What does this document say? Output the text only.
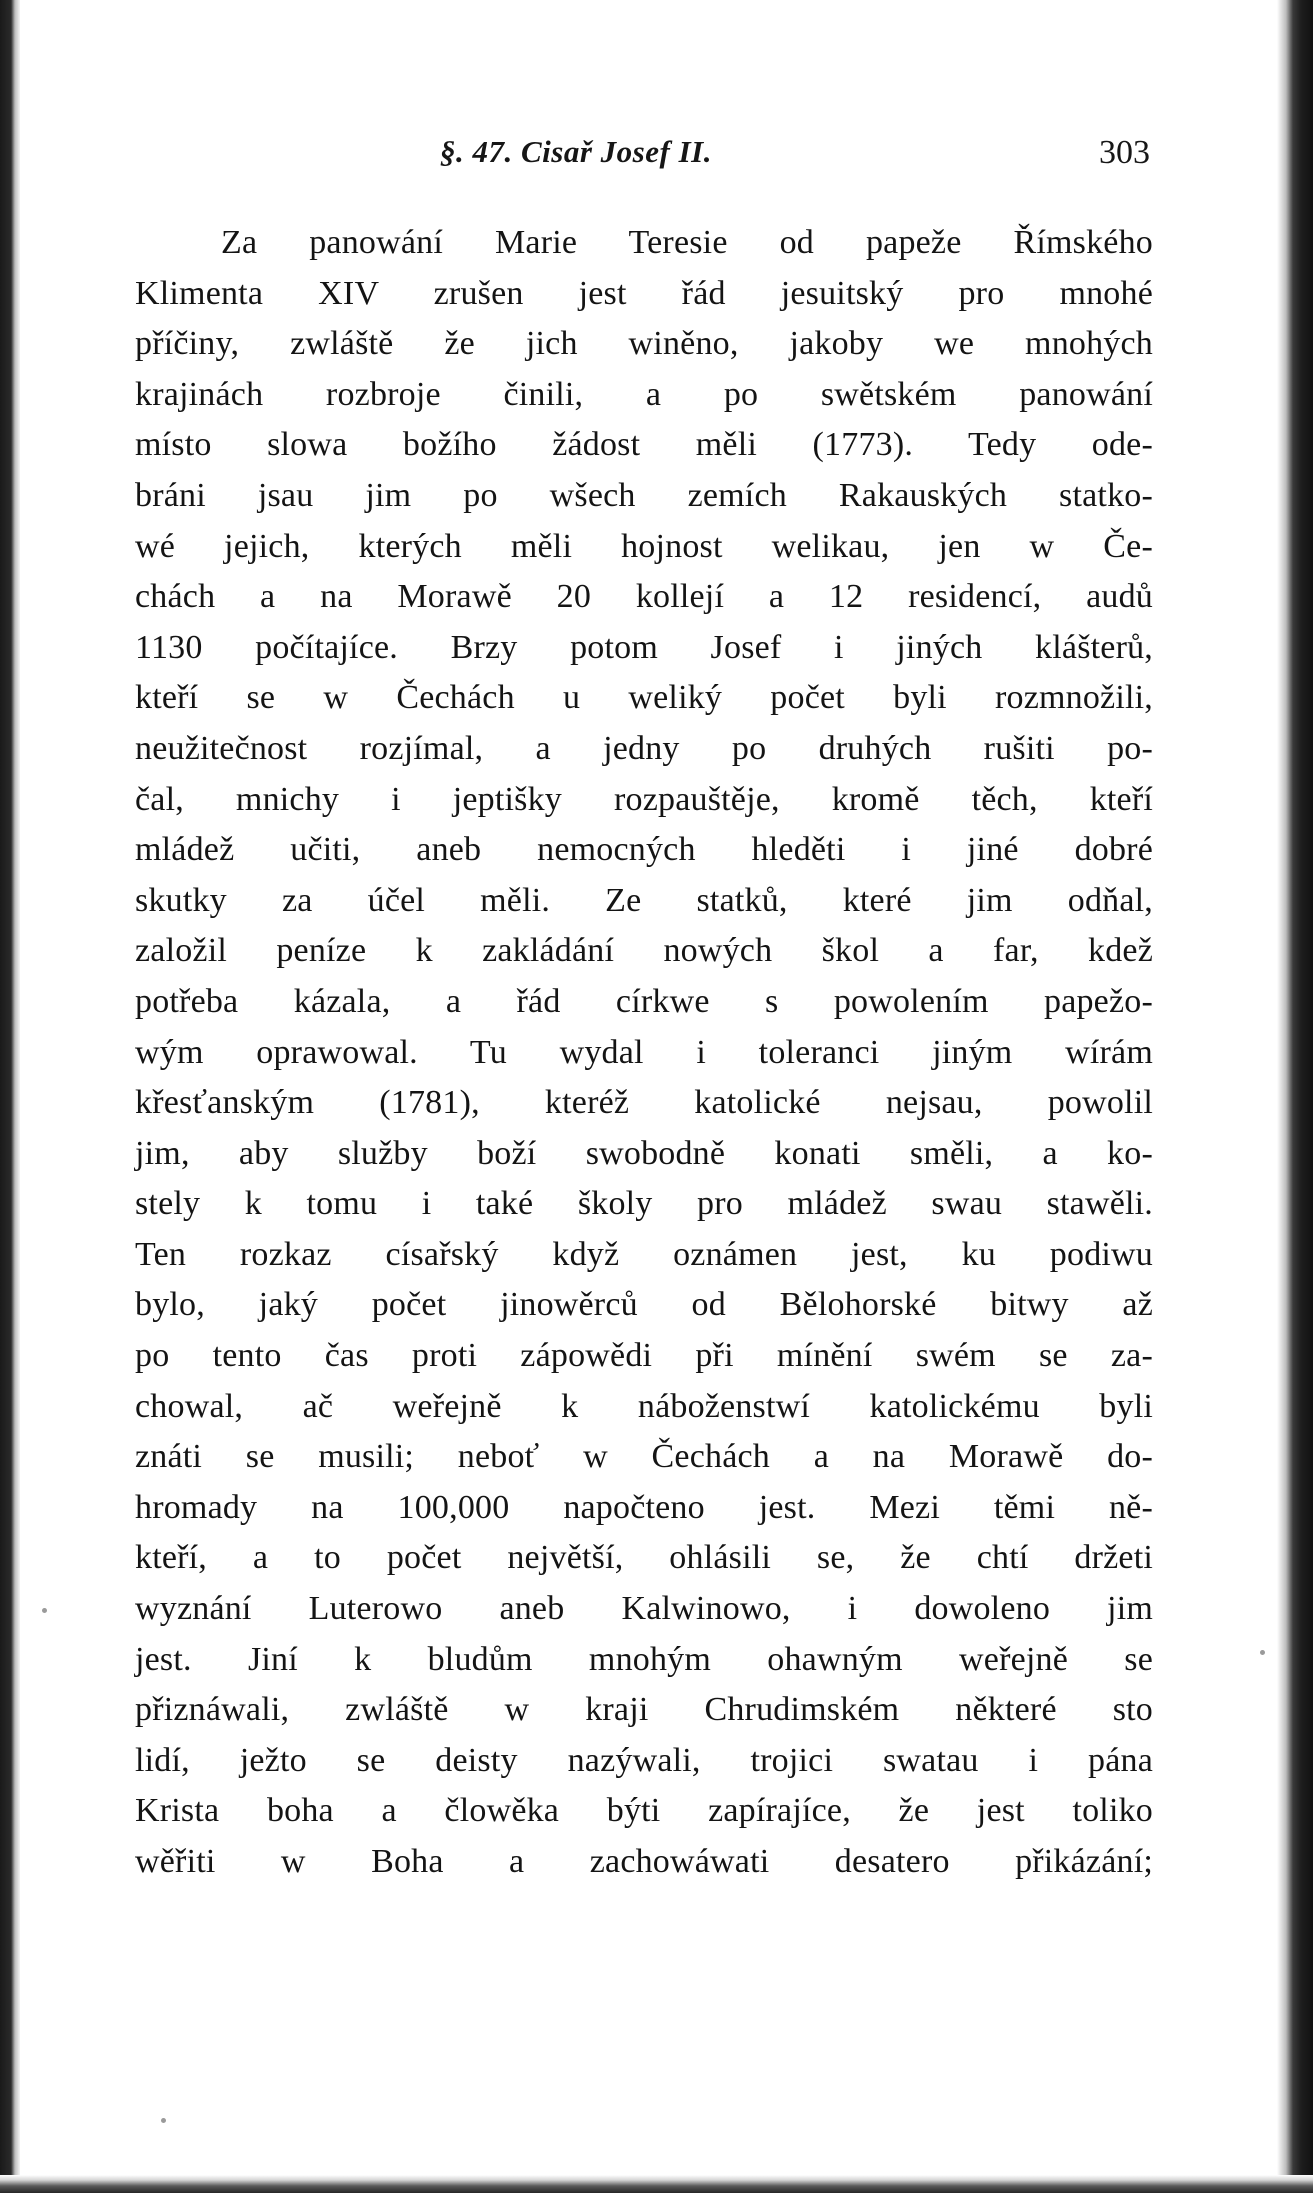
§. 47. Cisař Josef II.	303
Za panowání Marie Teresie od papeže Římského
Klimenta XIV zrušen jest řád jesuitský pro mnohé
příčiny, zwláště že jich winěno, jakoby we mnohých
krajinách rozbroje činili, a po swětském panowání
místo slowa božího žádost měli (1773). Tedy ode-
bráni jsau jim po wšech zemích Rakauských statko-
wé jejich, kterých měli hojnost welikau, jen w Če-
chách a na Morawě 20 kollejí a 12 residencí, audů
1130 počítajíce. Brzy potom Josef i jiných klášterů,
kteří se w Čechách u weliký počet byli rozmnožili,
neužitečnost rozjímal, a jedny po druhých rušiti po-
čal, mnichy i jeptišky rozpauštěje, kromě těch, kteří
mládež učiti, aneb nemocných hleděti i jiné dobré
skutky za účel měli. Ze statků, které jim odňal,
založil peníze k zakládání nowých škol a far, kdež
potřeba kázala, a řád církwe s powolením papežo-
wým oprawowal. Tu wydal i toleranci jiným wírám
křesťanským (1781), kteréž katolické nejsau, powolil
jim, aby služby boží swobodně konati směli, a ko-
stely k tomu i také školy pro mládež swau stawěli.
Ten rozkaz císařský když oznámen jest, ku podiwu
bylo, jaký počet jinowěrců od Bělohorské bitwy až
po tento čas proti zápowědi při mínění swém se za-
chowal, ač weřejně k náboženstwí katolickému byli
znáti se musili; neboť w Čechách a na Morawě do-
hromady na 100,000 napočteno jest. Mezi těmi ně-
kteří, a to počet největší, ohlásili se, že chtí držeti
wyznání Luterowo aneb Kalwinowo, i dowoleno jim
jest. Jiní k bludům mnohým ohawným weřejně se
přiznáwali, zwláště w kraji Chrudimském některé sto
lidí, ježto se deisty nazýwali, trojici swatau i pána
Krista boha a člowěka býti zapírajíce, že jest toliko
wěřiti w Boha a zachowáwati desatero přikázání;
